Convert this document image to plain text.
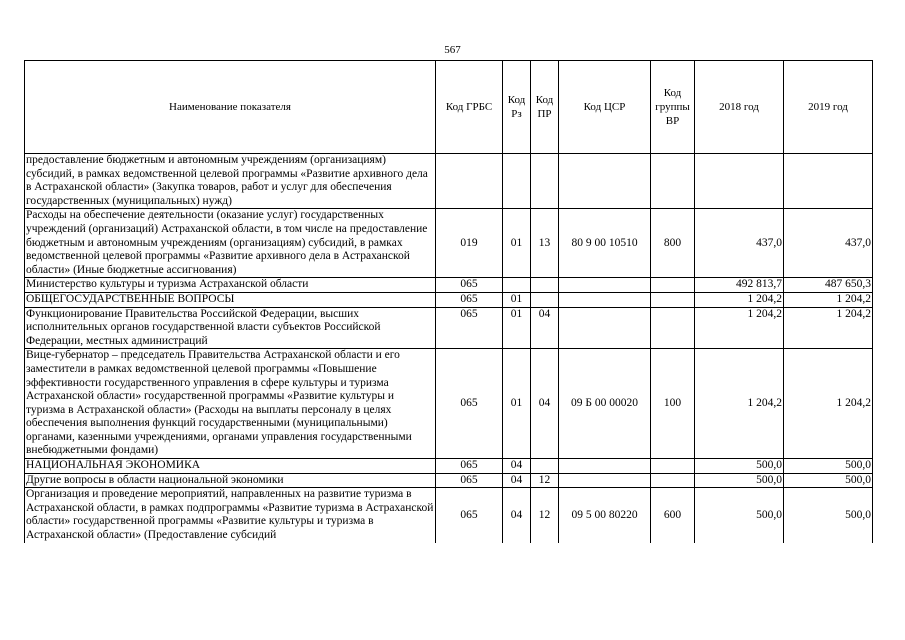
567
Наименование показателя	Код ГРБС	Код Рз	Код ПР	Код ЦСР	Код группы ВР	2018 год	2019 год
предоставление бюджетным и автономным учреждениям (организациям) субсидий, в рамках ведомственной целевой программы «Развитие архивного дела в Астраханской области» (Закупка товаров, работ и услуг для обеспечения государственных (муниципальных) нужд)							
Расходы на обеспечение деятельности (оказание услуг) государственных учреждений (организаций) Астраханской области, в том числе на предоставление бюджетным и автономным учреждениям (организациям) субсидий, в рамках ведомственной целевой программы «Развитие архивного дела в Астраханской области» (Иные бюджетные ассигнования)	019	01	13	80 9 00 10510	800	437,0	437,0
Министерство культуры и туризма Астраханской области	065					492 813,7	487 650,3
ОБЩЕГОСУДАРСТВЕННЫЕ ВОПРОСЫ	065	01				1 204,2	1 204,2
Функционирование Правительства Российской Федерации, высших исполнительных органов государственной власти субъектов Российской Федерации, местных администраций	065	01	04			1 204,2	1 204,2
Вице-губернатор – председатель Правительства Астраханской области и его заместители в рамках ведомственной целевой программы «Повышение эффективности государственного управления в сфере культуры и туризма Астраханской области» государственной программы «Развитие культуры и туризма в Астраханской области» (Расходы на выплаты персоналу в целях обеспечения выполнения функций государственными (муниципальными) органами, казенными учреждениями, органами управления государственными внебюджетными фондами)	065	01	04	09 Б 00 00020	100	1 204,2	1 204,2
НАЦИОНАЛЬНАЯ ЭКОНОМИКА	065	04				500,0	500,0
Другие вопросы в области национальной экономики	065	04	12			500,0	500,0
Организация и проведение мероприятий, направленных на развитие туризма в Астраханской области, в рамках подпрограммы «Развитие туризма в Астраханской области» государственной программы «Развитие культуры и туризма в Астраханской области» (Предоставление субсидий	065	04	12	09 5 00 80220	600	500,0	500,0
